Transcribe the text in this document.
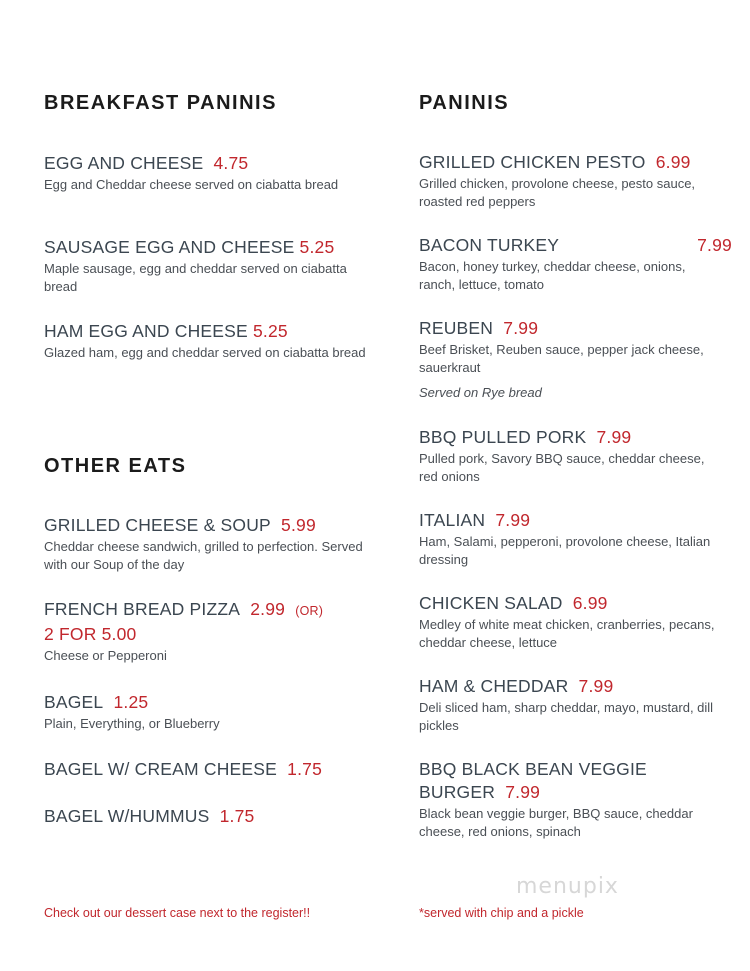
BREAKFAST PANINIS
EGG AND CHEESE 4.75
Egg and Cheddar cheese served on ciabatta bread
SAUSAGE EGG AND CHEESE 5.25
Maple sausage, egg and cheddar served on ciabatta bread
HAM EGG AND CHEESE 5.25
Glazed ham, egg and cheddar served on ciabatta bread
OTHER EATS
GRILLED CHEESE & SOUP 5.99
Cheddar cheese sandwich, grilled to perfection. Served with our Soup of the day
FRENCH BREAD PIZZA 2.99 (OR)
2 FOR 5.00
Cheese or Pepperoni
BAGEL 1.25
Plain, Everything, or Blueberry
BAGEL W/ CREAM CHEESE 1.75
BAGEL W/HUMMUS 1.75
Check out our dessert case next to the register!!
PANINIS
GRILLED CHICKEN PESTO 6.99
Grilled chicken, provolone cheese, pesto sauce, roasted red peppers
BACON TURKEY	7.99
Bacon, honey turkey, cheddar cheese, onions, ranch, lettuce, tomato
REUBEN 7.99
Beef Brisket, Reuben sauce, pepper jack cheese, sauerkraut
Served on Rye bread
BBQ PULLED PORK 7.99
Pulled pork, Savory BBQ sauce, cheddar cheese, red onions
ITALIAN 7.99
Ham, Salami, pepperoni, provolone cheese, Italian dressing
CHICKEN SALAD 6.99
Medley of white meat chicken, cranberries, pecans, cheddar cheese, lettuce
HAM & CHEDDAR 7.99
Deli sliced ham, sharp cheddar, mayo, mustard, dill pickles
BBQ BLACK BEAN VEGGIE
BURGER 7.99
Black bean veggie burger, BBQ sauce, cheddar cheese, red onions, spinach
*served with chip and a pickle
menupix
